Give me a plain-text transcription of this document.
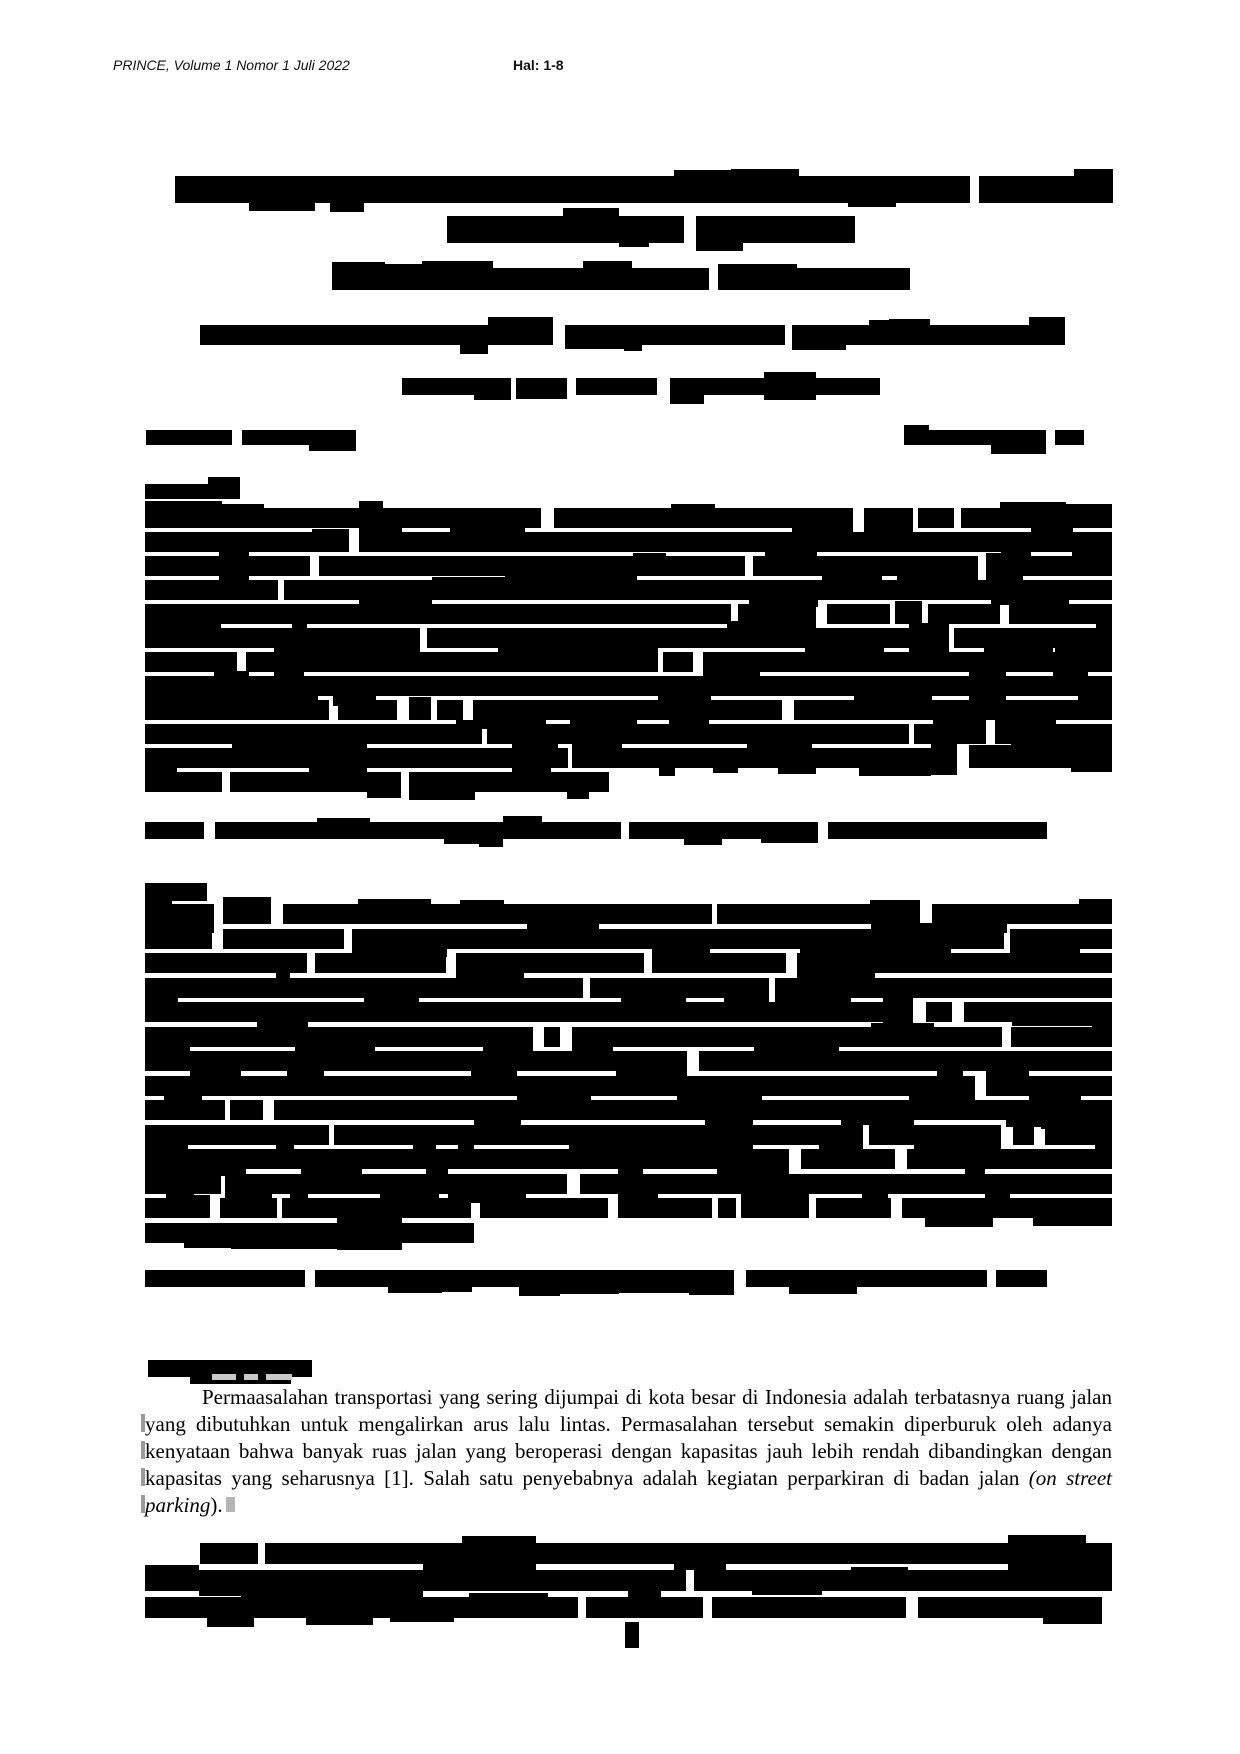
PRINCE, Volume 1 Nomor 1 Juli 2022	Hal: 1-8

Permaasalahan transportasi yang sering dijumpai di kota besar di Indonesia adalah terbatasnya ruang jalan yang dibutuhkan untuk mengalirkan arus lalu lintas. Permasalahan tersebut semakin diperburuk oleh adanya kenyataan bahwa banyak ruas jalan yang beroperasi dengan kapasitas jauh lebih rendah dibandingkan dengan kapasitas yang seharusnya [1]. Salah satu penyebabnya adalah kegiatan perparkiran di badan jalan (on street parking).
